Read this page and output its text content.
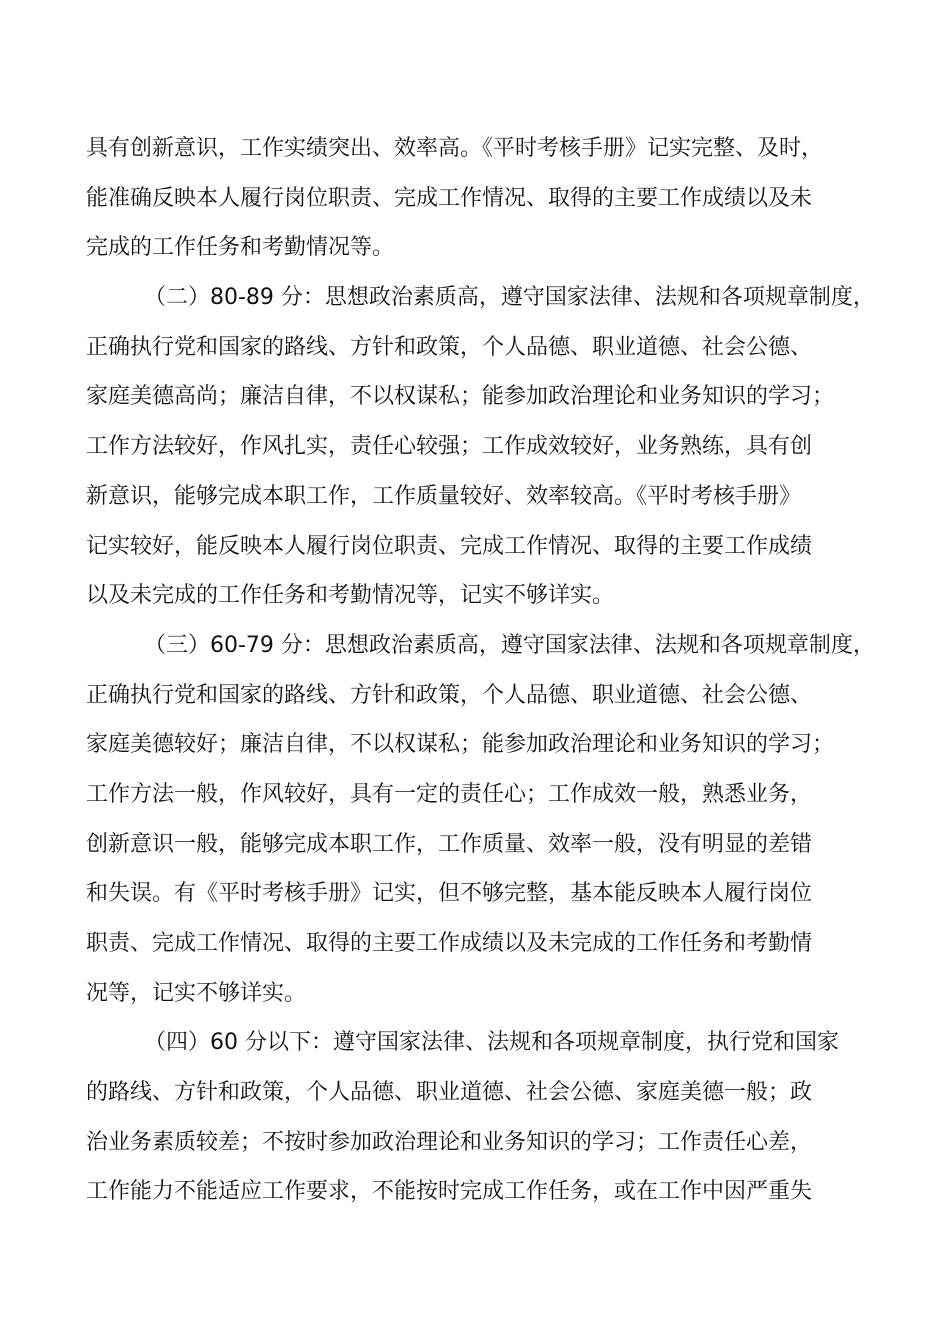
具有创新意识，工作实绩突出、效率高。《平时考核手册》记实完整、及时，
能准确反映本人履行岗位职责、完成工作情况、取得的主要工作成绩以及未
完成的工作任务和考勤情况等。
（二）80-89 分：思想政治素质高，遵守国家法律、法规和各项规章制度，
正确执行党和国家的路线、方针和政策，个人品德、职业道德、社会公德、
家庭美德高尚；廉洁自律，不以权谋私；能参加政治理论和业务知识的学习；
工作方法较好，作风扎实，责任心较强；工作成效较好，业务熟练，具有创
新意识，能够完成本职工作，工作质量较好、效率较高。《平时考核手册》
记实较好，能反映本人履行岗位职责、完成工作情况、取得的主要工作成绩
以及未完成的工作任务和考勤情况等，记实不够详实。
（三）60-79 分：思想政治素质高，遵守国家法律、法规和各项规章制度，
正确执行党和国家的路线、方针和政策，个人品德、职业道德、社会公德、
家庭美德较好；廉洁自律，不以权谋私；能参加政治理论和业务知识的学习；
工作方法一般，作风较好，具有一定的责任心；工作成效一般，熟悉业务，
创新意识一般，能够完成本职工作，工作质量、效率一般，没有明显的差错
和失误。有《平时考核手册》记实，但不够完整，基本能反映本人履行岗位
职责、完成工作情况、取得的主要工作成绩以及未完成的工作任务和考勤情
况等，记实不够详实。
（四）60 分以下：遵守国家法律、法规和各项规章制度，执行党和国家
的路线、方针和政策，个人品德、职业道德、社会公德、家庭美德一般；政
治业务素质较差；不按时参加政治理论和业务知识的学习；工作责任心差，
工作能力不能适应工作要求，不能按时完成工作任务，或在工作中因严重失
